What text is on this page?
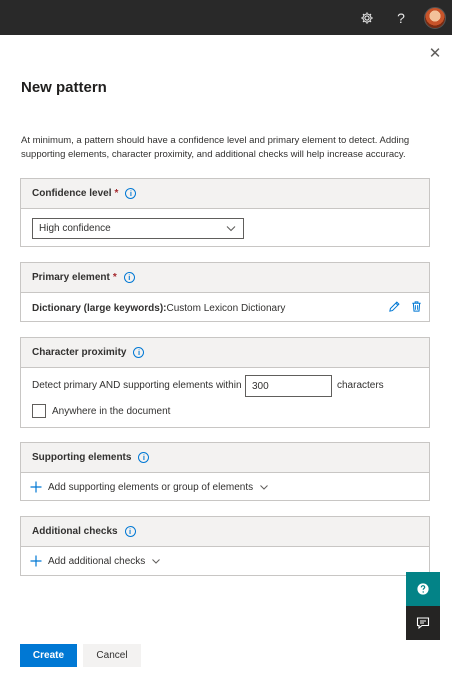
?
✕
New pattern
At minimum, a pattern should have a confidence level and primary element to detect. Adding supporting elements, character proximity, and additional checks will help increase accuracy.
Confidence level *	i
High confidence
Primary element *	i
Dictionary (large keywords):Custom Lexicon Dictionary
Character proximity	i
Detect primary AND supporting elements within
300	characters
Anywhere in the document
Supporting elements	i
Add supporting elements or group of elements
Additional checks	i
Add additional checks
Create	Cancel
